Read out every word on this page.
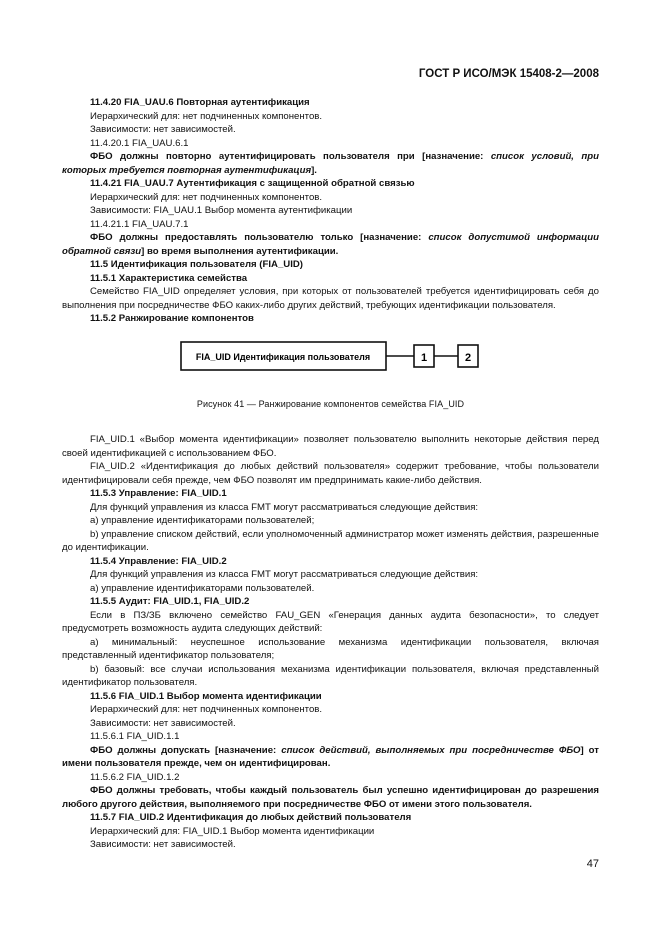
ГОСТ Р ИСО/МЭК 15408-2—2008

11.4.20 FIA_UAU.6 Повторная аутентификация

Иерархический для: нет подчиненных компонентов.

Зависимости: нет зависимостей.

11.4.20.1 FIA_UAU.6.1

ФБО должны повторно аутентифицировать пользователя при [назначение: список условий, при которых требуется повторная аутентификация].

11.4.21 FIA_UAU.7 Аутентификация с защищенной обратной связью

Иерархический для: нет подчиненных компонентов.

Зависимости: FIA_UAU.1 Выбор момента аутентификации

11.4.21.1 FIA_UAU.7.1

ФБО должны предоставлять пользователю только [назначение: список допустимой информации обратной связи] во время выполнения аутентификации.

11.5 Идентификация пользователя (FIA_UID)

11.5.1 Характеристика семейства

Семейство FIA_UID определяет условия, при которых от пользователей требуется идентифицировать себя до выполнения при посредничестве ФБО каких-либо других действий, требующих идентификации пользователя.

11.5.2 Ранжирование компонентов

FIA_UID Идентификация пользователя	1	2

Рисунок 41 — Ранжирование компонентов семейства FIA_UID

FIA_UID.1 «Выбор момента идентификации» позволяет пользователю выполнить некоторые действия перед своей идентификацией с использованием ФБО.

FIA_UID.2 «Идентификация до любых действий пользователя» содержит требование, чтобы пользователи идентифицировали себя прежде, чем ФБО позволят им предпринимать какие-либо действия.

11.5.3 Управление: FIA_UID.1

Для функций управления из класса FMT могут рассматриваться следующие действия:

а) управление идентификаторами пользователей;

b) управление списком действий, если уполномоченный администратор может изменять действия, разрешенные до идентификации.

11.5.4 Управление: FIA_UID.2

Для функций управления из класса FMT могут рассматриваться следующие действия:

а) управление идентификаторами пользователей.

11.5.5 Аудит: FIA_UID.1, FIA_UID.2

Если в ПЗ/ЗБ включено семейство FAU_GEN «Генерация данных аудита безопасности», то следует предусмотреть возможность аудита следующих действий:

а) минимальный: неуспешное использование механизма идентификации пользователя, включая представленный идентификатор пользователя;

b) базовый: все случаи использования механизма идентификации пользователя, включая представленный идентификатор пользователя.

11.5.6 FIA_UID.1 Выбор момента идентификации

Иерархический для: нет подчиненных компонентов.

Зависимости: нет зависимостей.

11.5.6.1 FIA_UID.1.1

ФБО должны допускать [назначение: список действий, выполняемых при посредничестве ФБО] от имени пользователя прежде, чем он идентифицирован.

11.5.6.2 FIA_UID.1.2

ФБО должны требовать, чтобы каждый пользователь был успешно идентифицирован до разрешения любого другого действия, выполняемого при посредничестве ФБО от имени этого пользователя.

11.5.7 FIA_UID.2 Идентификация до любых действий пользователя

Иерархический для: FIA_UID.1 Выбор момента идентификации

Зависимости: нет зависимостей.

47
